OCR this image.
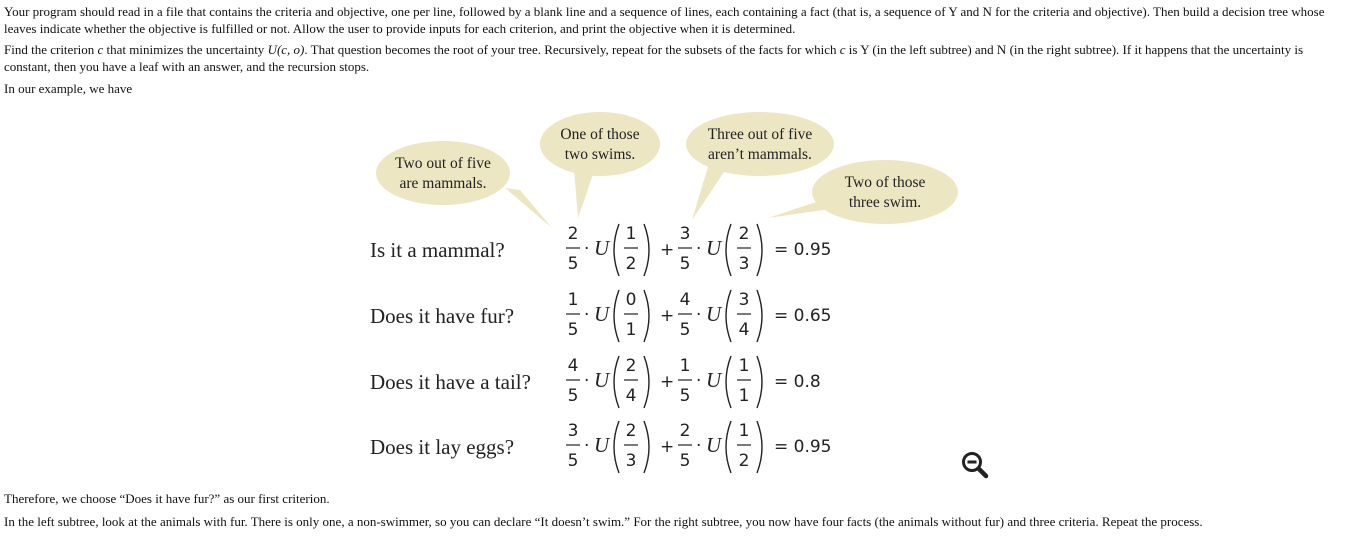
Your program should read in a file that contains the criteria and objective, one per line, followed by a blank line and a sequence of lines, each containing a fact (that is, a sequence of Y and N for the criteria and objective). Then build a decision tree whose leaves indicate whether the objective is fulfilled or not. Allow the user to provide inputs for each criterion, and print the objective when it is determined.

Find the criterion c that minimizes the uncertainty U(c, o). That question becomes the root of your tree. Recursively, repeat for the subsets of the facts for which c is Y (in the left subtree) and N (in the right subtree). If it happens that the uncertainty is constant, then you have a leaf with an answer, and the recursion stops.

In our example, we have

Two out of five
are mammals.
One of those
two swims.
Three out of five
aren’t mammals.
Two of those
three swim.
Is it a mammal?
Does it have fur?
Does it have a tail?
Does it lay eggs?
2
5
· U
1
2
+
3
5
· U
2
3
= 0.95
1
5
· U
0
1
+
4
5
· U
3
4
= 0.65
4
5
· U
2
4
+
1
5
· U
1
1
= 0.8
3
5
· U
2
3
+
2
5
· U
1
2
= 0.95

Therefore, we choose “Does it have fur?” as our first criterion.

In the left subtree, look at the animals with fur. There is only one, a non-swimmer, so you can declare “It doesn’t swim.” For the right subtree, you now have four facts (the animals without fur) and three criteria. Repeat the process.
